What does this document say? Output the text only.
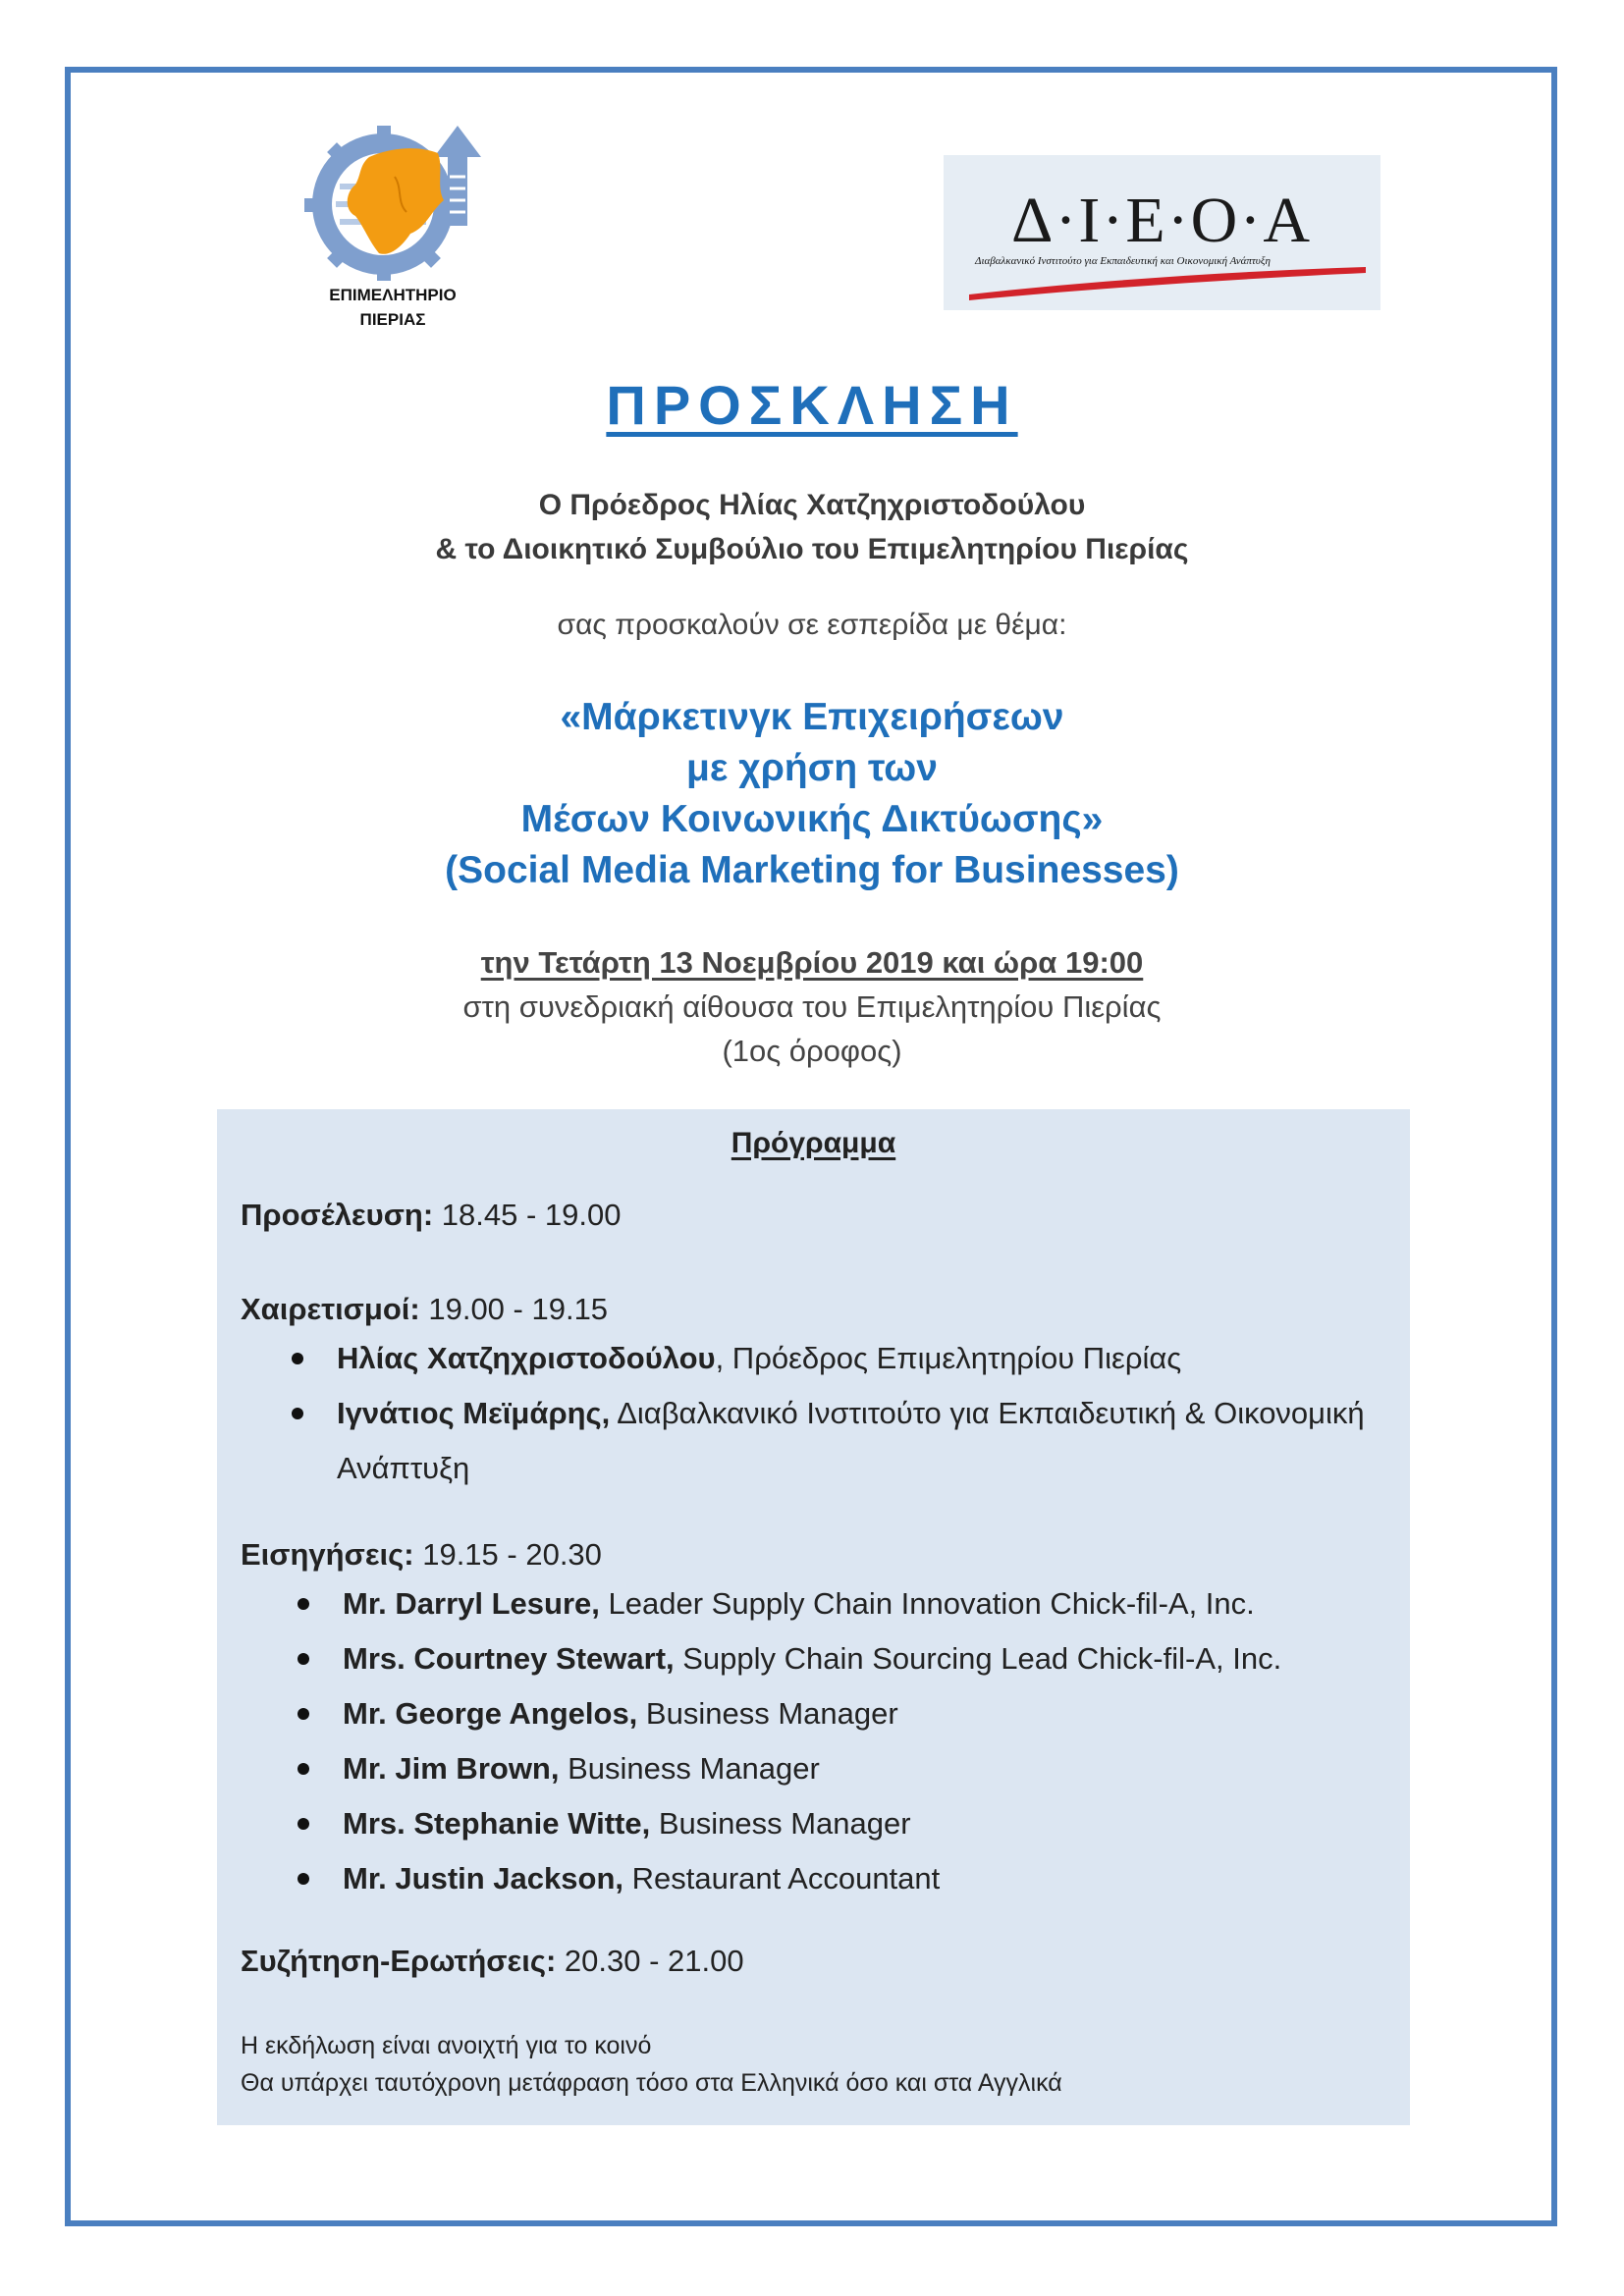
ΕΠΙΜΕΛΗΤΗΡΙΟ
ΠΙΕΡΙΑΣ
Δ·Ι·Ε·Ο·Α
Διαβαλκανικό Ινστιτούτο για Εκπαιδευτική και Οικονομική Ανάπτυξη
ΠΡΟΣΚΛΗΣΗ
Ο Πρόεδρος Ηλίας Χατζηχριστοδούλου
& το Διοικητικό Συμβούλιο του Επιμελητηρίου Πιερίας
σας προσκαλούν σε εσπερίδα με θέμα:
«Μάρκετινγκ Επιχειρήσεων
με χρήση των
Μέσων Κοινωνικής Δικτύωσης»
(Social Media Marketing for Businesses)
την Τετάρτη 13 Νοεμβρίου 2019 και ώρα 19:00
στη συνεδριακή αίθουσα του Επιμελητηρίου Πιερίας
(1ος όροφος)
Πρόγραμμα
Προσέλευση: 18.45 - 19.00
Χαιρετισμοί: 19.00 - 19.15
Ηλίας Χατζηχριστοδούλου, Πρόεδρος Επιμελητηρίου Πιερίας
Ιγνάτιος Μεϊμάρης, Διαβαλκανικό Ινστιτούτο για Εκπαιδευτική & Οικονομική Ανάπτυξη
Εισηγήσεις: 19.15 - 20.30
Mr. Darryl Lesure, Leader Supply Chain Innovation Chick-fil-A, Inc.
Mrs. Courtney Stewart, Supply Chain Sourcing Lead Chick-fil-A, Inc.
Mr. George Angelos, Business Manager
Mr. Jim Brown, Business Manager
Mrs. Stephanie Witte, Business Manager
Mr. Justin Jackson, Restaurant Accountant
Συζήτηση-Ερωτήσεις: 20.30 - 21.00
Η εκδήλωση είναι ανοιχτή για το κοινό
Θα υπάρχει ταυτόχρονη μετάφραση τόσο στα Ελληνικά όσο και στα Αγγλικά
